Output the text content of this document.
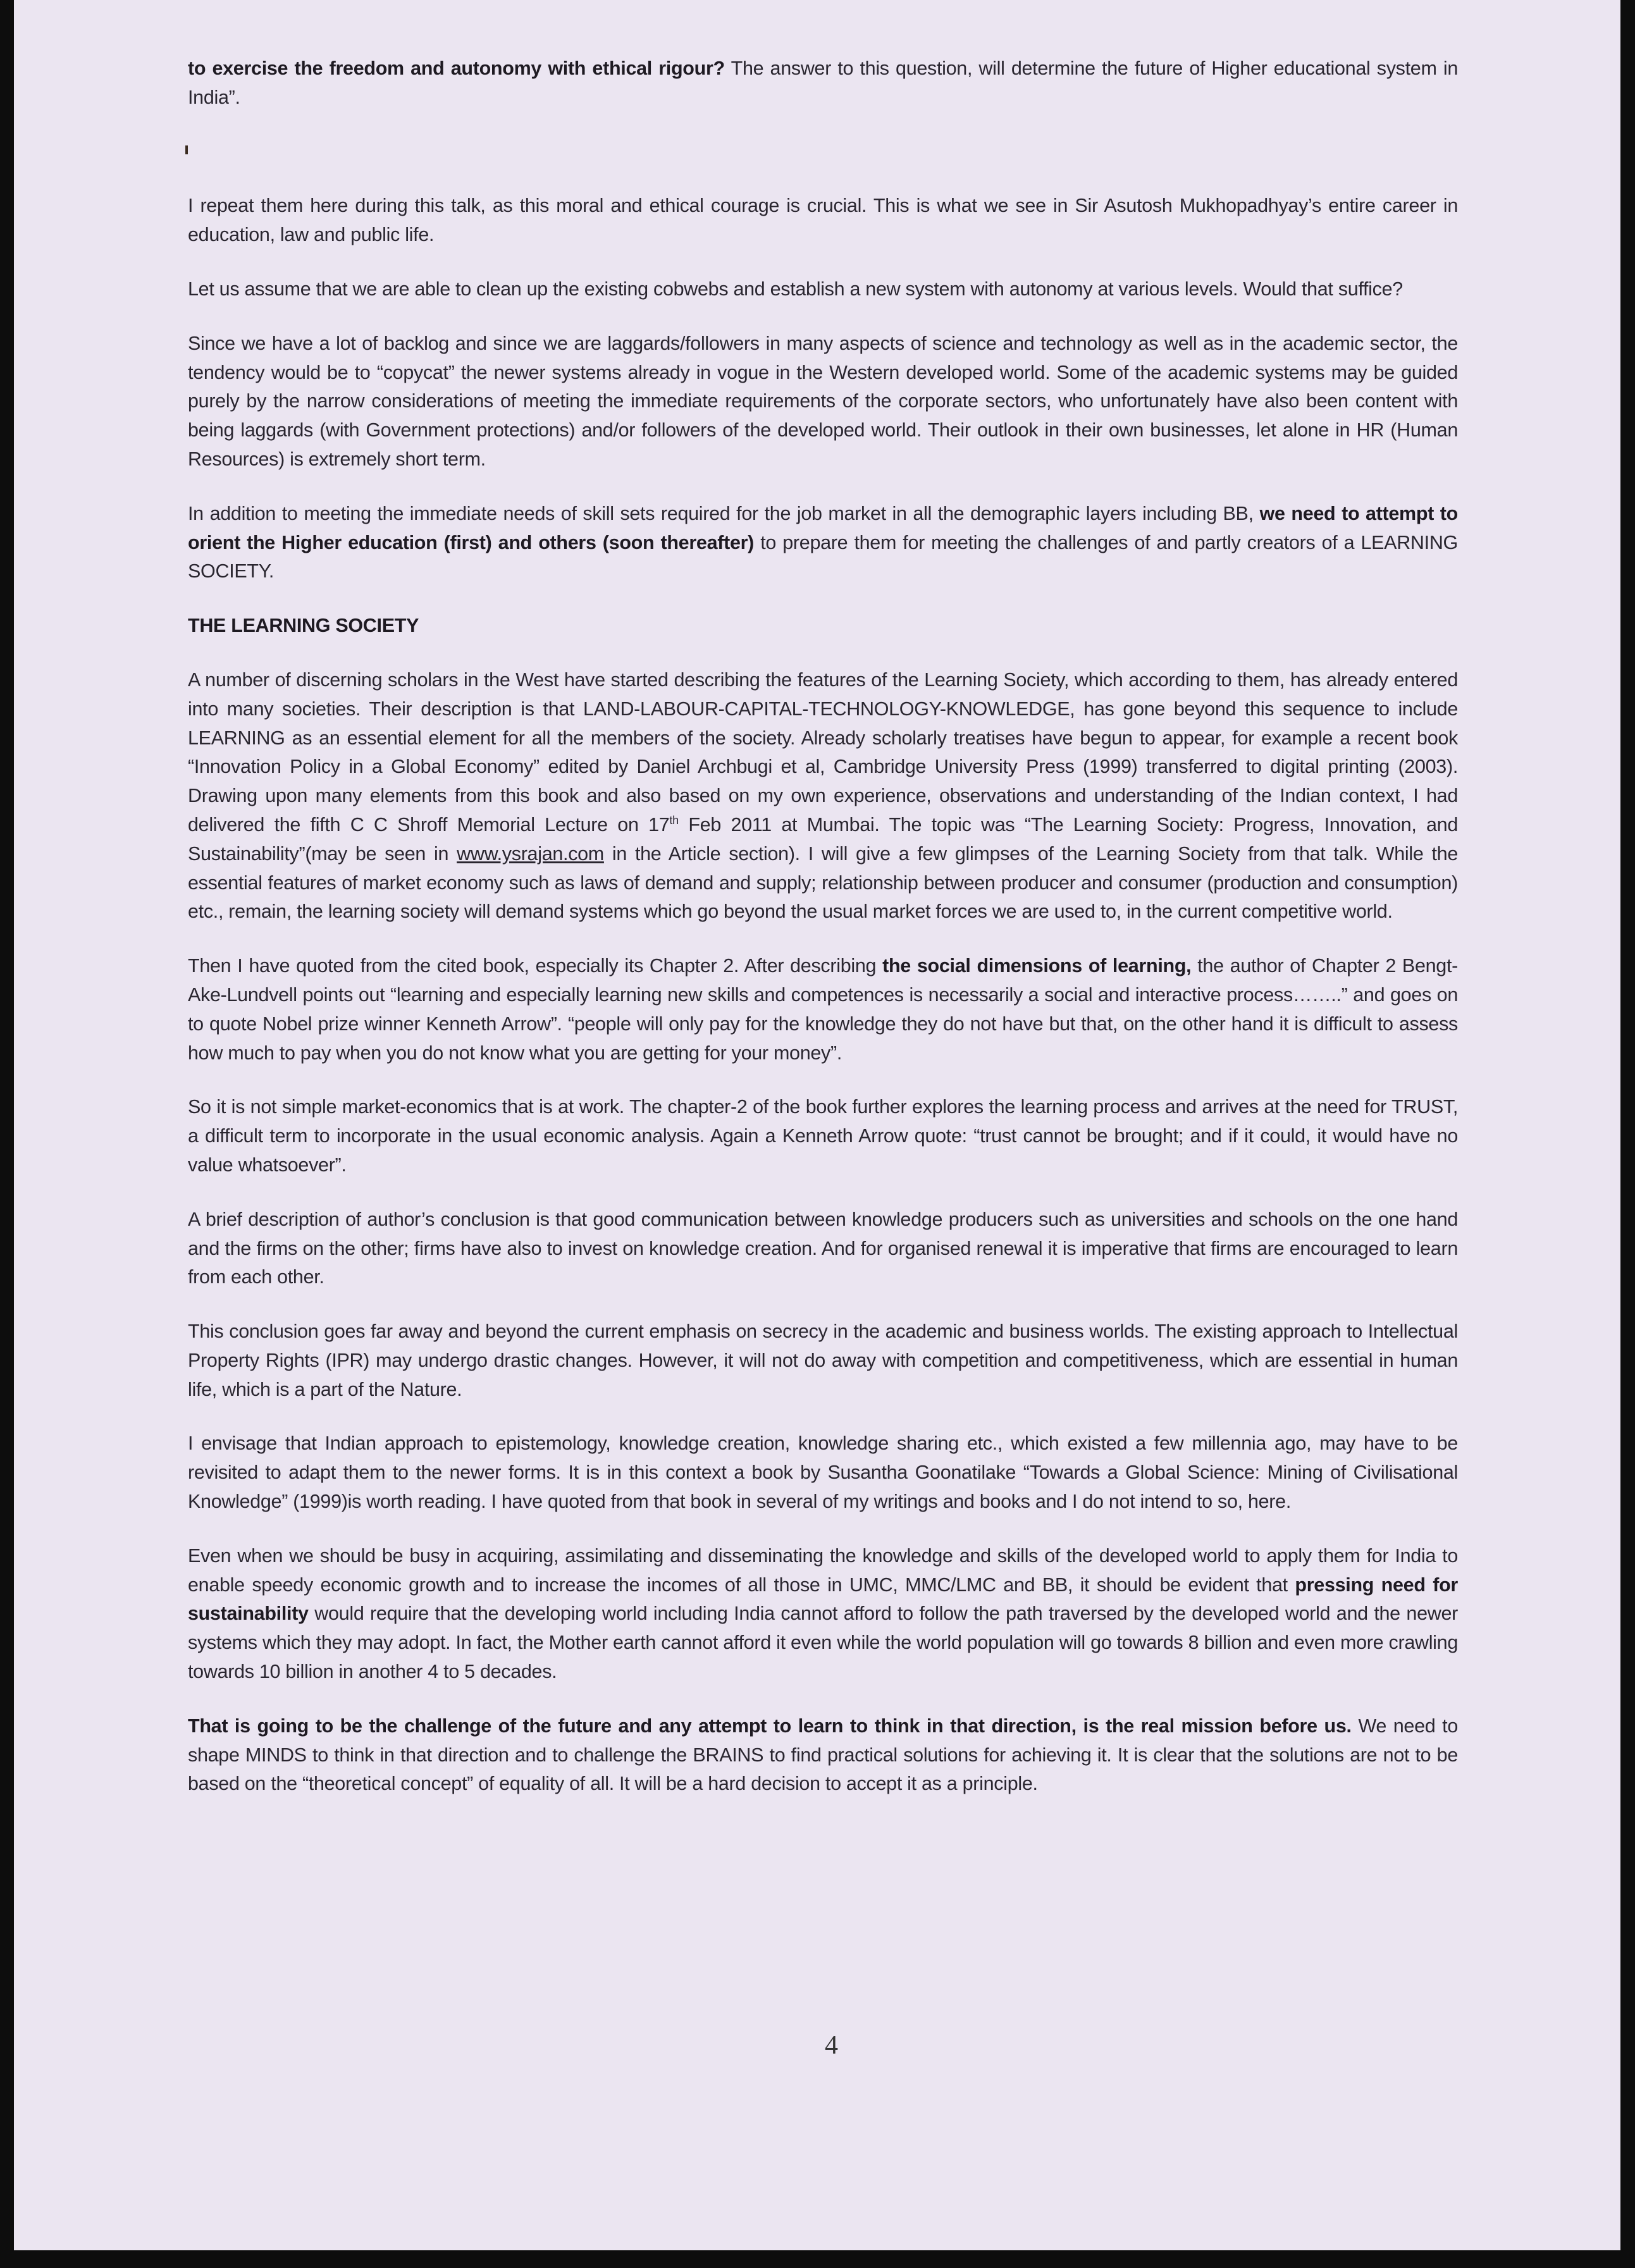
to exercise the freedom and autonomy with ethical rigour? The answer to this question, will determine the future of Higher educational system in India”.

I repeat them here during this talk, as this moral and ethical courage is crucial. This is what we see in Sir Asutosh Mukhopadhyay’s entire career in education, law and public life.

Let us assume that we are able to clean up the existing cobwebs and establish a new system with autonomy at various levels. Would that suffice?

Since we have a lot of backlog and since we are laggards/followers in many aspects of science and technology as well as in the academic sector, the tendency would be to “copycat” the newer systems already in vogue in the Western developed world. Some of the academic systems may be guided purely by the narrow considerations of meeting the immediate requirements of the corporate sectors, who unfortunately have also been content with being laggards (with Government protections) and/or followers of the developed world. Their outlook in their own businesses, let alone in HR (Human Resources) is extremely short term.

In addition to meeting the immediate needs of skill sets required for the job market in all the demographic layers including BB, we need to attempt to orient the Higher education (first) and others (soon thereafter) to prepare them for meeting the challenges of and partly creators of a LEARNING SOCIETY.

THE LEARNING SOCIETY

A number of discerning scholars in the West have started describing the features of the Learning Society, which according to them, has already entered into many societies. Their description is that LAND-LABOUR-CAPITAL-TECHNOLOGY-KNOWLEDGE, has gone beyond this sequence to include LEARNING as an essential element for all the members of the society. Already scholarly treatises have begun to appear, for example a recent book “Innovation Policy in a Global Economy” edited by Daniel Archbugi et al, Cambridge University Press (1999) transferred to digital printing (2003). Drawing upon many elements from this book and also based on my own experience, observations and understanding of the Indian context, I had delivered the fifth C C Shroff Memorial Lecture on 17th Feb 2011 at Mumbai. The topic was “The Learning Society: Progress, Innovation, and Sustainability”(may be seen in www.ysrajan.com in the Article section). I will give a few glimpses of the Learning Society from that talk. While the essential features of market economy such as laws of demand and supply; relationship between producer and consumer (production and consumption) etc., remain, the learning society will demand systems which go beyond the usual market forces we are used to, in the current competitive world.

Then I have quoted from the cited book, especially its Chapter 2. After describing the social dimensions of learning, the author of Chapter 2 Bengt-Ake-Lundvell points out “learning and especially learning new skills and competences is necessarily a social and interactive process……..” and goes on to quote Nobel prize winner Kenneth Arrow”. “people will only pay for the knowledge they do not have but that, on the other hand it is difficult to assess how much to pay when you do not know what you are getting for your money”.

So it is not simple market-economics that is at work. The chapter-2 of the book further explores the learning process and arrives at the need for TRUST, a difficult term to incorporate in the usual economic analysis. Again a Kenneth Arrow quote: “trust cannot be brought; and if it could, it would have no value whatsoever”.

A brief description of author’s conclusion is that good communication between knowledge producers such as universities and schools on the one hand and the firms on the other; firms have also to invest on knowledge creation. And for organised renewal it is imperative that firms are encouraged to learn from each other.

This conclusion goes far away and beyond the current emphasis on secrecy in the academic and business worlds. The existing approach to Intellectual Property Rights (IPR) may undergo drastic changes. However, it will not do away with competition and competitiveness, which are essential in human life, which is a part of the Nature.

I envisage that Indian approach to epistemology, knowledge creation, knowledge sharing etc., which existed a few millennia ago, may have to be revisited to adapt them to the newer forms. It is in this context a book by Susantha Goonatilake “Towards a Global Science: Mining of Civilisational Knowledge” (1999)is worth reading. I have quoted from that book in several of my writings and books and I do not intend to so, here.

Even when we should be busy in acquiring, assimilating and disseminating the knowledge and skills of the developed world to apply them for India to enable speedy economic growth and to increase the incomes of all those in UMC, MMC/LMC and BB, it should be evident that pressing need for sustainability would require that the developing world including India cannot afford to follow the path traversed by the developed world and the newer systems which they may adopt. In fact, the Mother earth cannot afford it even while the world population will go towards 8 billion and even more crawling towards 10 billion in another 4 to 5 decades.

That is going to be the challenge of the future and any attempt to learn to think in that direction, is the real mission before us. We need to shape MINDS to think in that direction and to challenge the BRAINS to find practical solutions for achieving it. It is clear that the solutions are not to be based on the “theoretical concept” of equality of all. It will be a hard decision to accept it as a principle.

4
